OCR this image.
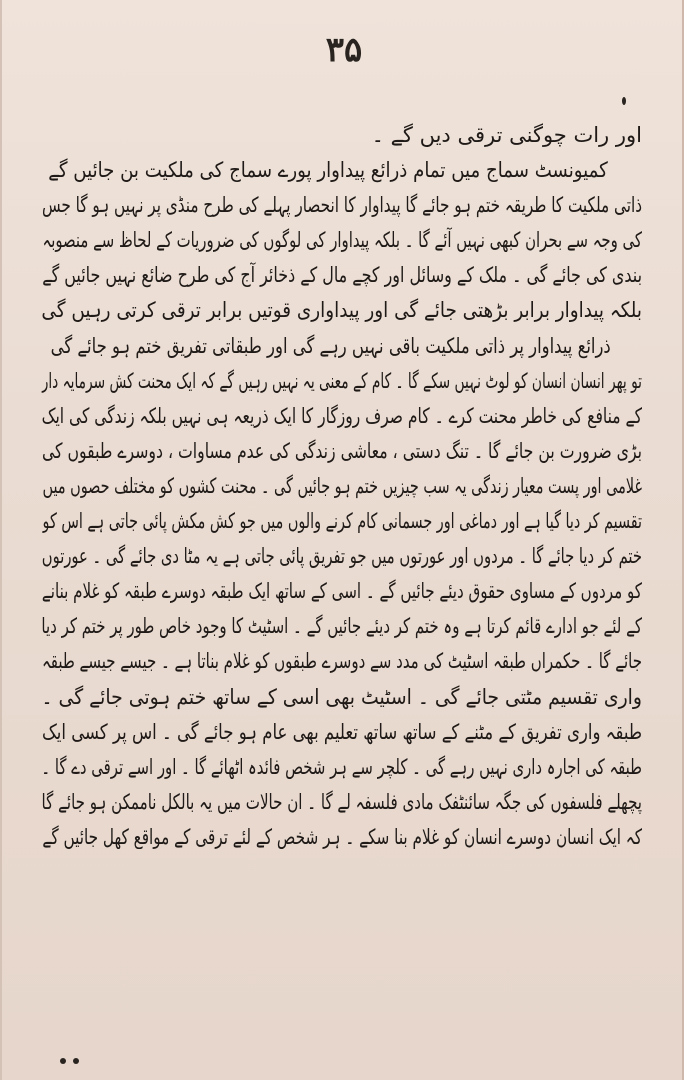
۳۵
اور رات چوگنی ترقی دیں گے ۔
کمیونسٹ سماج میں تمام ذرائع پیداوار پورے سماج کی ملکیت بن جائیں گے
ذاتی ملکیت کا طریقہ ختم ہو جائے گا پیداوار کا انحصار پہلے کی طرح منڈی پر نہیں ہو گا جس
کی وجہ سے بحران کبھی نہیں آئے گا ۔ بلکہ پیداوار کی لوگوں کی ضروریات کے لحاظ سے منصوبہ
بندی کی جائے گی ۔ ملک کے وسائل اور کچے مال کے ذخائر آج کی طرح ضائع نہیں جائیں گے
بلکہ پیداوار برابر بڑھتی جائے گی اور پیداواری قوتیں برابر ترقی کرتی رہیں گی
ذرائع پیداوار پر ذاتی ملکیت باقی نہیں رہے گی اور طبقاتی تفریق ختم ہو جائے گی
تو پھر انسان انسان کو لوٹ نہیں سکے گا ۔ کام کے معنی یہ نہیں رہیں گے کہ ایک محنت کش سرمایہ دار
کے منافع کی خاطر محنت کرے ۔ کام صرف روزگار کا ایک ذریعہ ہی نہیں بلکہ زندگی کی ایک
بڑی ضرورت بن جائے گا ۔ تنگ دستی ، معاشی زندگی کی عدم مساوات ، دوسرے طبقوں کی
غلامی اور پست معیار زندگی یہ سب چیزیں ختم ہو جائیں گی ۔ محنت کشوں کو مختلف حصوں میں
تقسیم کر دیا گیا ہے اور دماغی اور جسمانی کام کرنے والوں میں جو کش مکش پائی جاتی ہے اس کو
ختم کر دیا جائے گا ۔ مردوں اور عورتوں میں جو تفریق پائی جاتی ہے یہ مٹا دی جائے گی ۔ عورتوں
کو مردوں کے مساوی حقوق دیئے جائیں گے ۔ اسی کے ساتھ ایک طبقہ دوسرے طبقہ کو غلام بنانے
کے لئے جو ادارے قائم کرتا ہے وہ ختم کر دیئے جائیں گے ۔ اسٹیٹ کا وجود خاص طور پر ختم کر دیا
جائے گا ۔ حکمراں طبقہ اسٹیٹ کی مدد سے دوسرے طبقوں کو غلام بناتا ہے ۔ جیسے جیسے طبقہ
واری تقسیم مٹتی جائے گی ۔ اسٹیٹ بھی اسی کے ساتھ ختم ہوتی جائے گی ۔
طبقہ واری تفریق کے مٹنے کے ساتھ ساتھ تعلیم بھی عام ہو جائے گی ۔ اس پر کسی ایک
طبقہ کی اجارہ داری نہیں رہے گی ۔ کلچر سے ہر شخص فائدہ اٹھائے گا ۔ اور اسے ترقی دے گا ۔
پچھلے فلسفوں کی جگہ سائنٹفک مادی فلسفہ لے گا ۔ ان حالات میں یہ بالکل ناممکن ہو جائے گا
کہ ایک انسان دوسرے انسان کو غلام بنا سکے ۔ ہر شخص کے لئے ترقی کے مواقع کھل جائیں گے
